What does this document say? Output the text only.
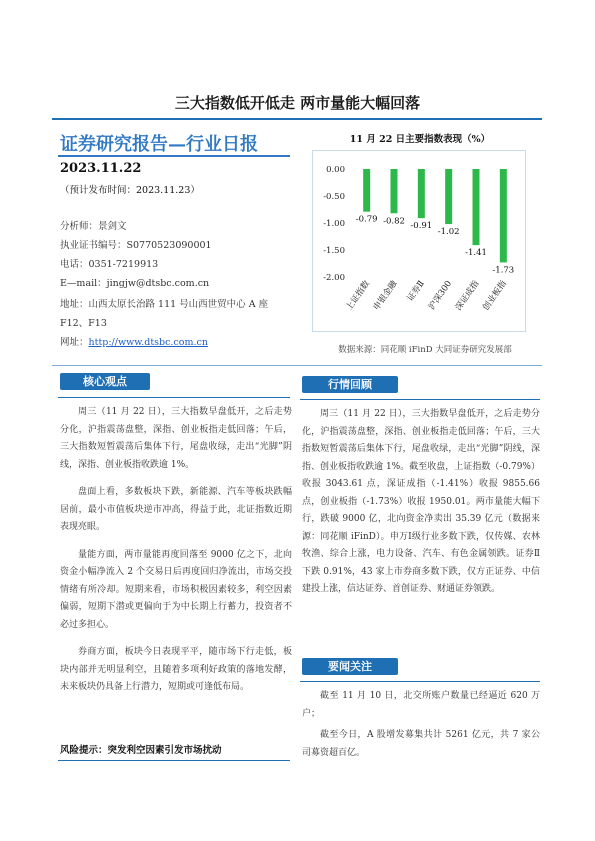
三大指数低开低走 两市量能大幅回落
证券研究报告—行业日报
2023.11.22
（预计发布时间：2023.11.23）
分析师：景剑文
执业证书编号：S0770523090001
电话：0351-7219913
E—mail：jingjw@dtsbc.com.cn
地址：山西太原长治路 111 号山西世贸中心 A 座
F12、F13
网址：http://www.dtsbc.com.cn
11 月 22 日主要指数表现（%）
0.00
-0.50
-1.00
-1.50
-2.00
-0.79
上证指数
-0.82
申银金融
-0.91
证券Ⅱ
-1.02
沪深300
-1.41
深证成指
-1.73
创业板指
数据来源：同花顺 iFinD 大同证券研究发展部
核心观点

周三（11 月 22 日），三大指数早盘低开，之后走势分化，沪指震荡盘整，深指、创业板指走低回落；午后，三大指数短暂震荡后集体下行，尾盘收绿，走出“光脚”阴线，深指、创业板指收跌逾 1%。

盘面上看，多数板块下跌，新能源、汽车等板块跌幅居前，最小市值板块逆市冲高，得益于此，北证指数近期表现亮眼。

量能方面，两市量能再度回落至 9000 亿之下，北向资金小幅净流入 2 个交易日后再度回归净流出，市场交投情绪有所冷却。短期来看，市场积极因素较多，利空因素偏弱，短期下潜或更偏向于为中长期上行蓄力，投资者不必过多担心。

券商方面，板块今日表现平平，随市场下行走低，板块内部并无明显利空，且随着多项利好政策的落地发酵，未来板块仍具备上行潜力，短期或可逢低布局。

风险提示：突发利空因素引发市场扰动
行情回顾

周三（11 月 22 日），三大指数早盘低开，之后走势分化，沪指震荡盘整，深指、创业板指走低回落；午后，三大指数短暂震荡后集体下行，尾盘收绿，走出“光脚”阴线，深指、创业板指收跌逾 1%。截至收盘，上证指数（-0.79%）收报 3043.61 点，深证成指（-1.41%）收报 9855.66 点，创业板指（-1.73%）收报 1950.01。两市量能大幅下行，跌破 9000 亿，北向资金净卖出 35.39 亿元（数据来源：同花顺 iFinD）。申万Ⅰ级行业多数下跌，仅传媒、农林牧渔、综合上涨，电力设备、汽车、有色金属领跌。证券Ⅱ下跌 0.91%，43 家上市券商多数下跌，仅方正证券、中信建投上涨，信达证券、首创证券、财通证券领跌。

要闻关注

截至 11 月 10 日，北交所账户数量已经逼近 620 万户；

截至今日，A 股增发募集共计 5261 亿元，共 7 家公司募资超百亿。
